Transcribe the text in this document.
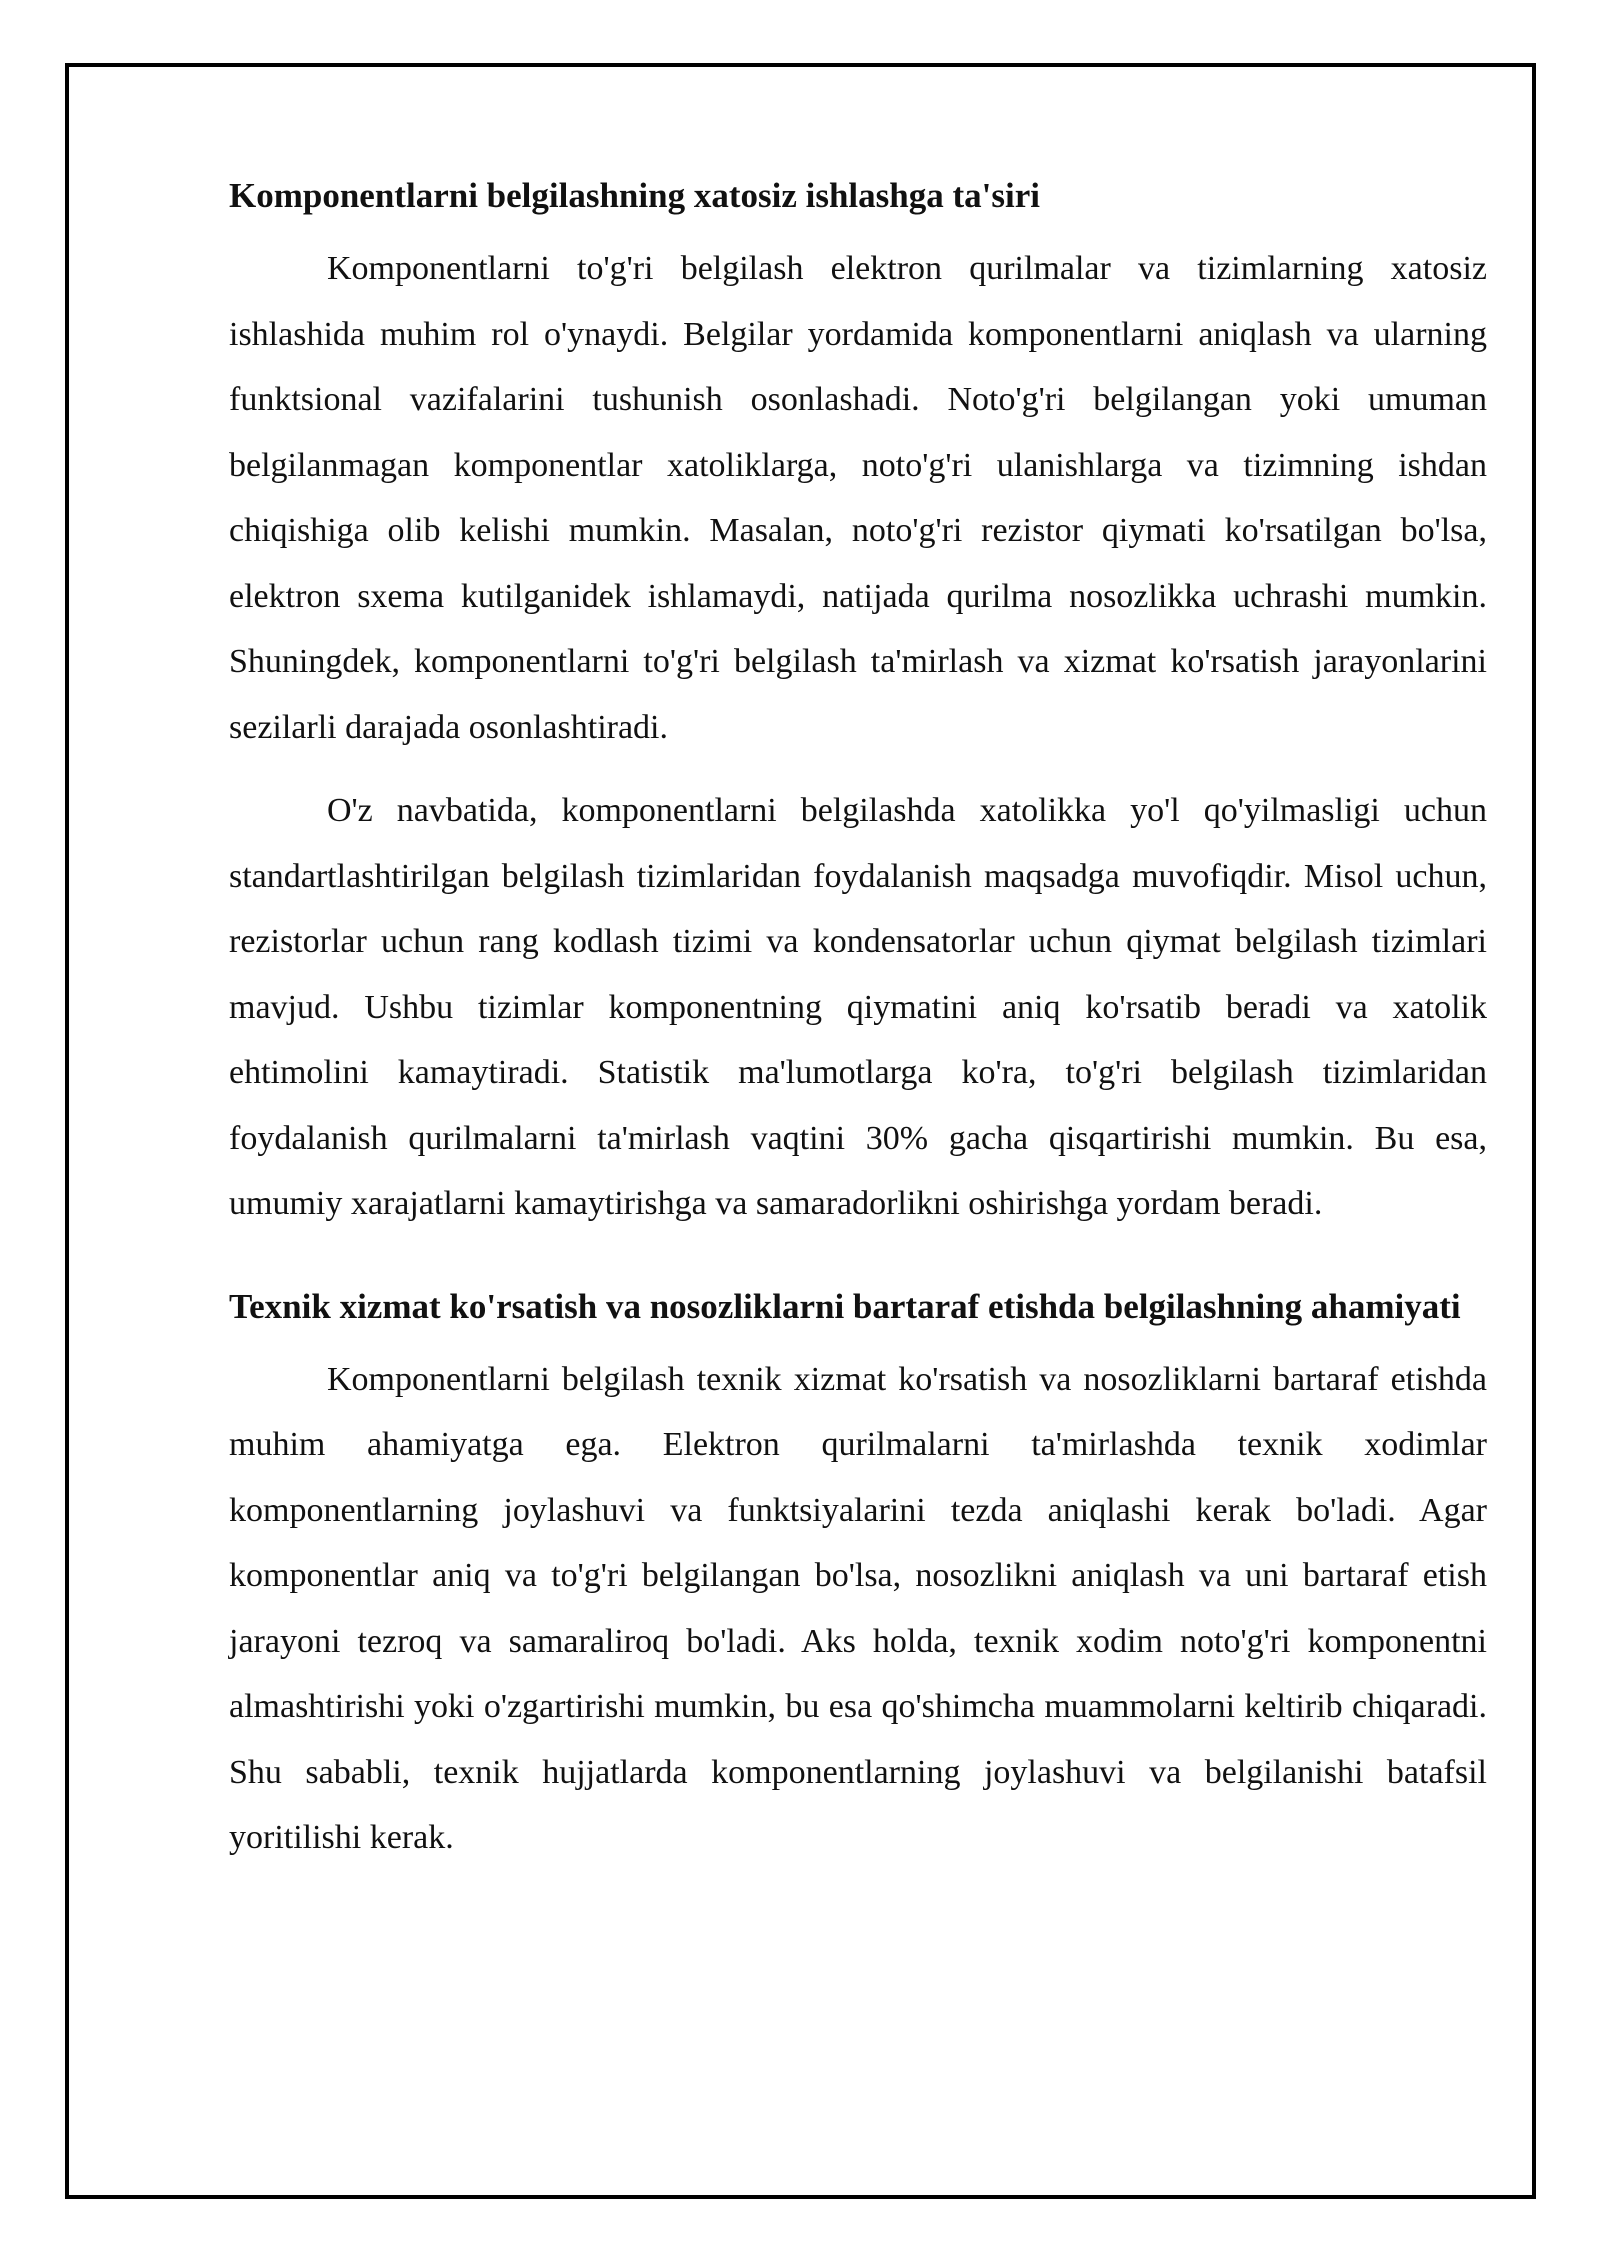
Komponentlarni belgilashning xatosiz ishlashga ta'siri

Komponentlarni to'g'ri belgilash elektron qurilmalar va tizimlarning xatosiz ishlashida muhim rol o'ynaydi. Belgilar yordamida komponentlarni aniqlash va ularning funktsional vazifalarini tushunish osonlashadi. Noto'g'ri belgilangan yoki umuman belgilanmagan komponentlar xatoliklarga, noto'g'ri ulanishlarga va tizimning ishdan chiqishiga olib kelishi mumkin. Masalan, noto'g'ri rezistor qiymati ko'rsatilgan bo'lsa, elektron sxema kutilganidek ishlamaydi, natijada qurilma nosozlikka uchrashi mumkin. Shuningdek, komponentlarni to'g'ri belgilash ta'mirlash va xizmat ko'rsatish jarayonlarini sezilarli darajada osonlashtiradi.

O'z navbatida, komponentlarni belgilashda xatolikka yo'l qo'yilmasligi uchun standartlashtirilgan belgilash tizimlaridan foydalanish maqsadga muvofiqdir. Misol uchun, rezistorlar uchun rang kodlash tizimi va kondensatorlar uchun qiymat belgilash tizimlari mavjud. Ushbu tizimlar komponentning qiymatini aniq ko'rsatib beradi va xatolik ehtimolini kamaytiradi. Statistik ma'lumotlarga ko'ra, to'g'ri belgilash tizimlaridan foydalanish qurilmalarni ta'mirlash vaqtini 30% gacha qisqartirishi mumkin. Bu esa, umumiy xarajatlarni kamaytirishga va samaradorlikni oshirishga yordam beradi.

Texnik xizmat ko'rsatish va nosozliklarni bartaraf etishda belgilashning ahamiyati

Komponentlarni belgilash texnik xizmat ko'rsatish va nosozliklarni bartaraf etishda muhim ahamiyatga ega. Elektron qurilmalarni ta'mirlashda texnik xodimlar komponentlarning joylashuvi va funktsiyalarini tezda aniqlashi kerak bo'ladi. Agar komponentlar aniq va to'g'ri belgilangan bo'lsa, nosozlikni aniqlash va uni bartaraf etish jarayoni tezroq va samaraliroq bo'ladi. Aks holda, texnik xodim noto'g'ri komponentni almashtirishi yoki o'zgartirishi mumkin, bu esa qo'shimcha muammolarni keltirib chiqaradi. Shu sababli, texnik hujjatlarda komponentlarning joylashuvi va belgilanishi batafsil yoritilishi kerak.
